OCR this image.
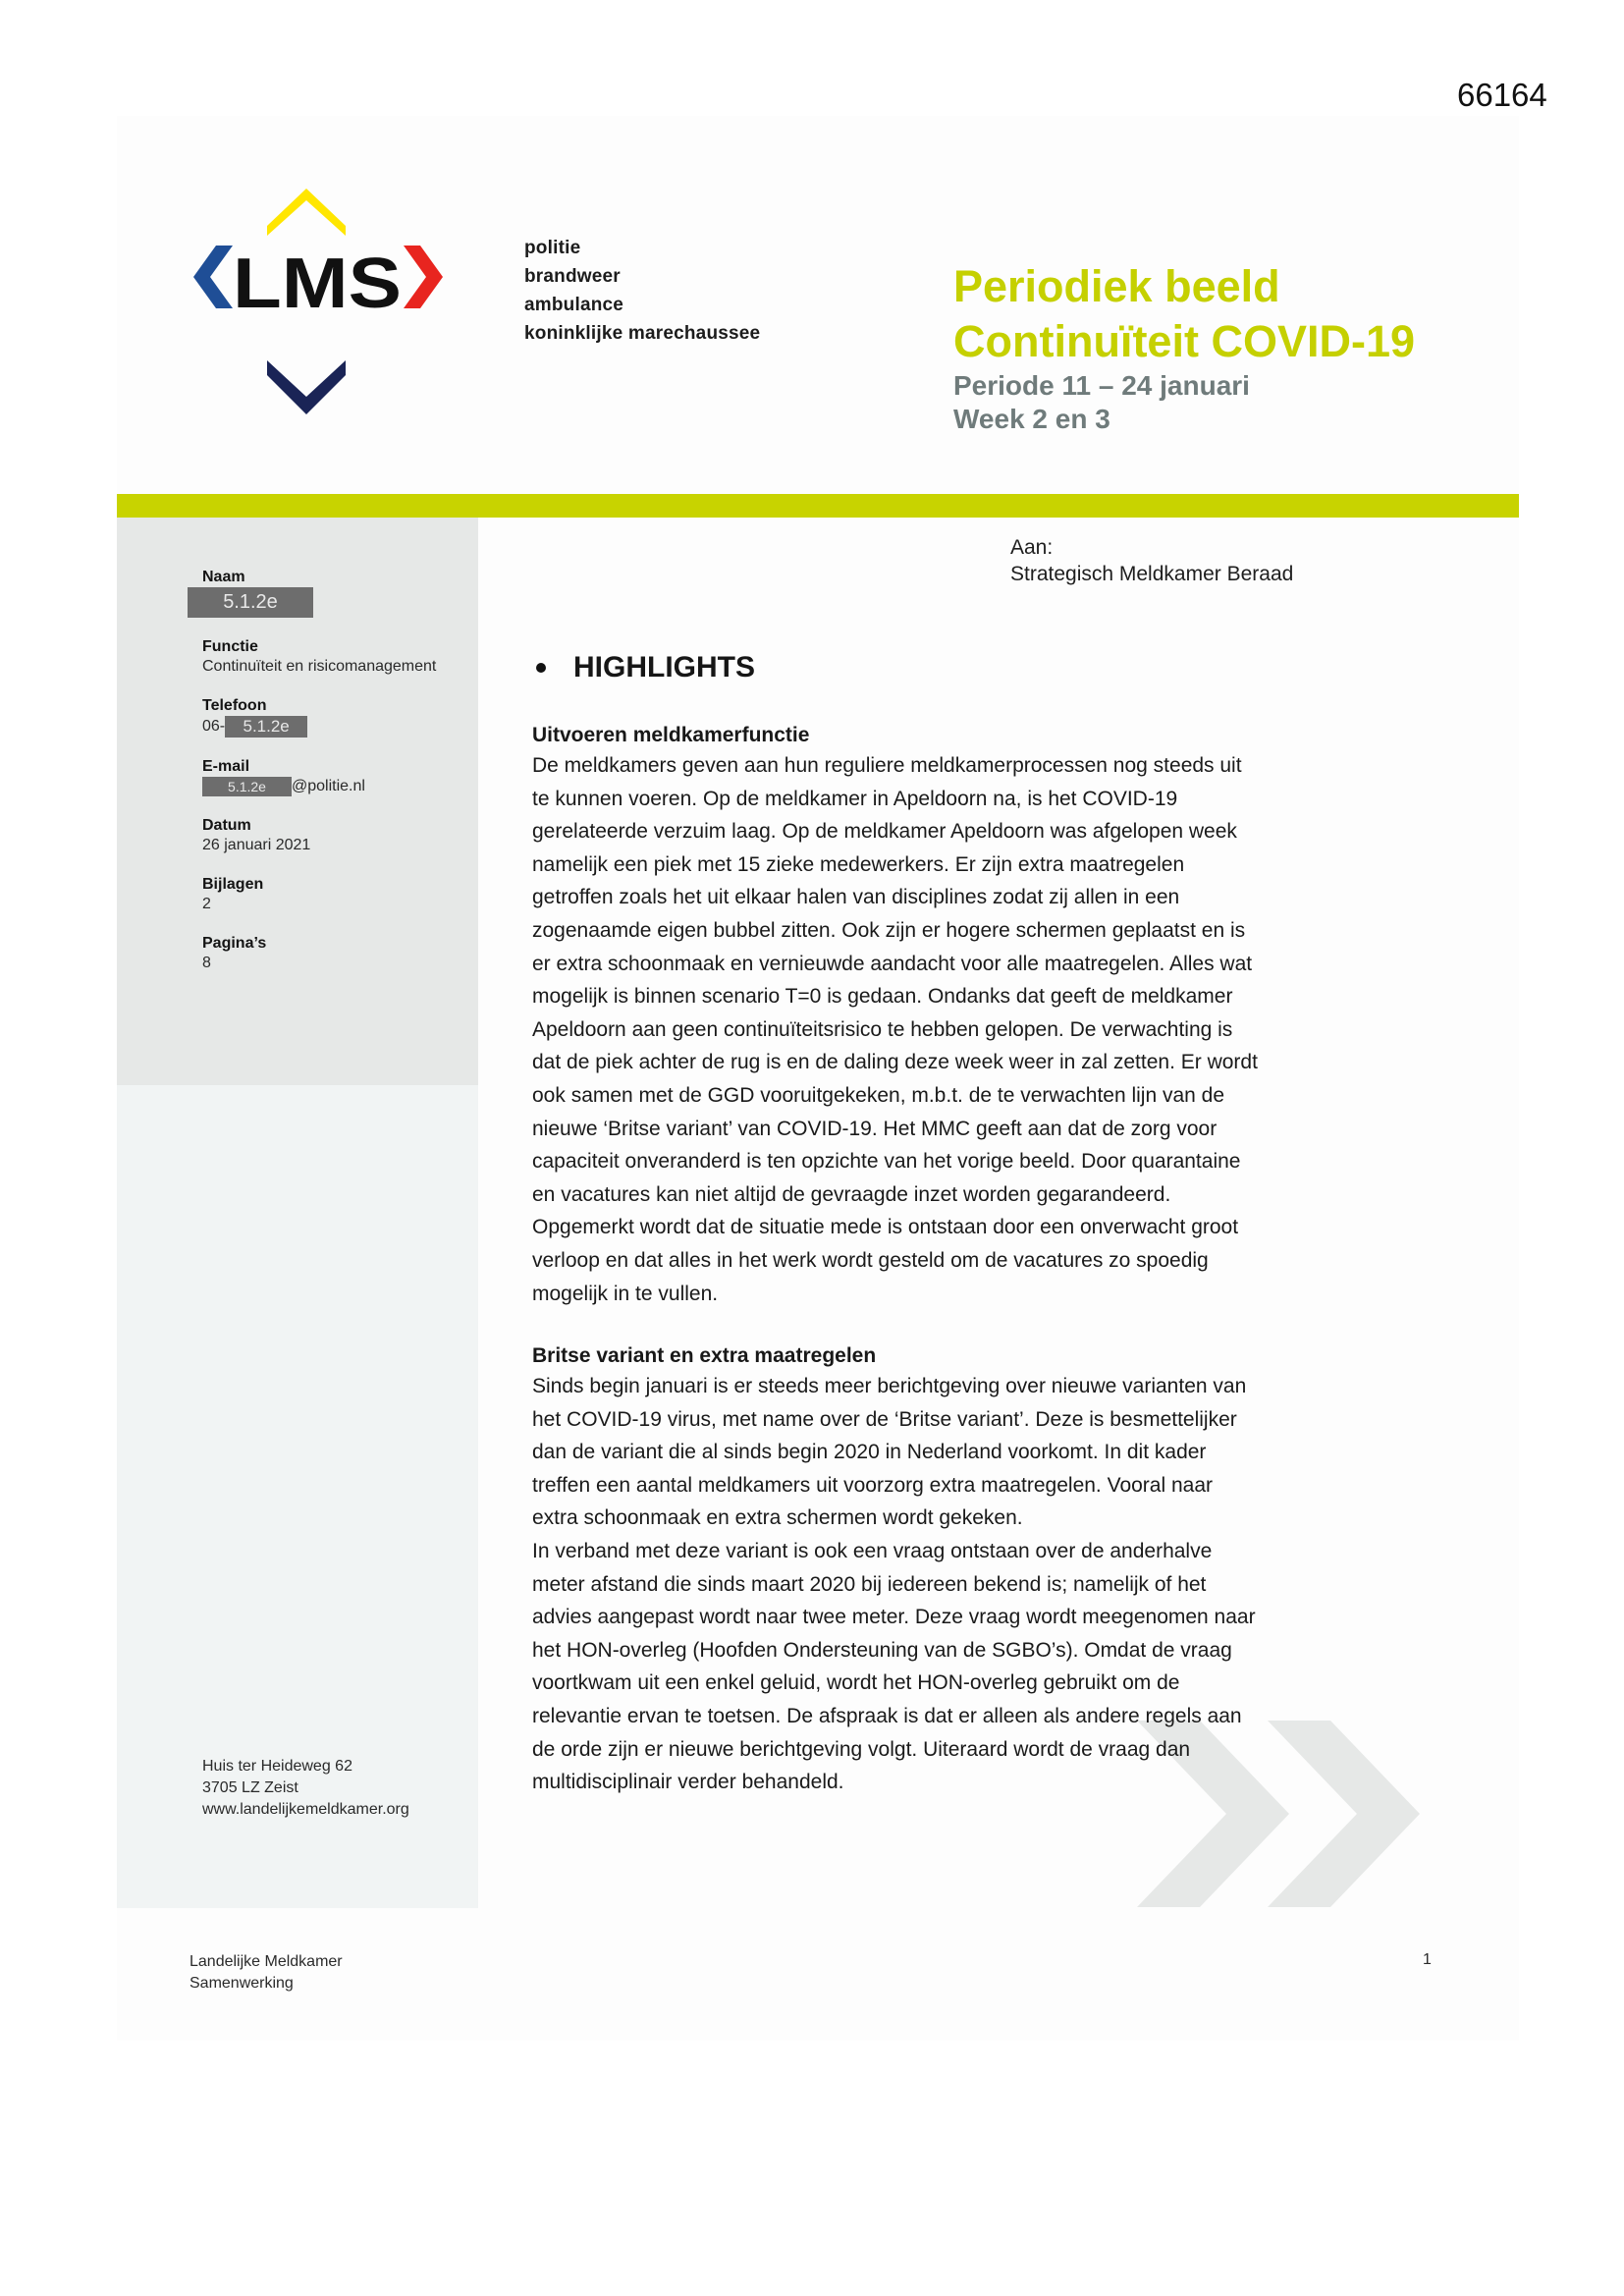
66164
LMS	politie
brandweer
ambulance
koninklijke marechaussee
Periodiek beeld
Continuïteit COVID-19
Periode 11 – 24 januari
Week 2 en 3
Naam
5.1.2e
Functie
Continuïteit en risicomanagement
Telefoon
06- 5.1.2e
E-mail
5.1.2e @politie.nl
Datum
26 januari 2021
Bijlagen
2
Pagina’s
8
Huis ter Heideweg 62
3705 LZ Zeist
www.landelijkemeldkamer.org
Aan:
Strategisch Meldkamer Beraad
HIGHLIGHTS
Uitvoeren meldkamerfunctie
De meldkamers geven aan hun reguliere meldkamerprocessen nog steeds uit
te kunnen voeren. Op de meldkamer in Apeldoorn na, is het COVID-19
gerelateerde verzuim laag. Op de meldkamer Apeldoorn was afgelopen week
namelijk een piek met 15 zieke medewerkers. Er zijn extra maatregelen
getroffen zoals het uit elkaar halen van disciplines zodat zij allen in een
zogenaamde eigen bubbel zitten. Ook zijn er hogere schermen geplaatst en is
er extra schoonmaak en vernieuwde aandacht voor alle maatregelen. Alles wat
mogelijk is binnen scenario T=0 is gedaan. Ondanks dat geeft de meldkamer
Apeldoorn aan geen continuïteitsrisico te hebben gelopen. De verwachting is
dat de piek achter de rug is en de daling deze week weer in zal zetten. Er wordt
ook samen met de GGD vooruitgekeken, m.b.t. de te verwachten lijn van de
nieuwe ‘Britse variant’ van COVID-19. Het MMC geeft aan dat de zorg voor
capaciteit onveranderd is ten opzichte van het vorige beeld. Door quarantaine
en vacatures kan niet altijd de gevraagde inzet worden gegarandeerd.
Opgemerkt wordt dat de situatie mede is ontstaan door een onverwacht groot
verloop en dat alles in het werk wordt gesteld om de vacatures zo spoedig
mogelijk in te vullen.
Britse variant en extra maatregelen
Sinds begin januari is er steeds meer berichtgeving over nieuwe varianten van
het COVID-19 virus, met name over de ‘Britse variant’. Deze is besmettelijker
dan de variant die al sinds begin 2020 in Nederland voorkomt. In dit kader
treffen een aantal meldkamers uit voorzorg extra maatregelen. Vooral naar
extra schoonmaak en extra schermen wordt gekeken.
In verband met deze variant is ook een vraag ontstaan over de anderhalve
meter afstand die sinds maart 2020 bij iedereen bekend is; namelijk of het
advies aangepast wordt naar twee meter. Deze vraag wordt meegenomen naar
het HON-overleg (Hoofden Ondersteuning van de SGBO’s). Omdat de vraag
voortkwam uit een enkel geluid, wordt het HON-overleg gebruikt om de
relevantie ervan te toetsen. De afspraak is dat er alleen als andere regels aan
de orde zijn er nieuwe berichtgeving volgt. Uiteraard wordt de vraag dan
multidisciplinair verder behandeld.
Landelijke Meldkamer
Samenwerking
1
